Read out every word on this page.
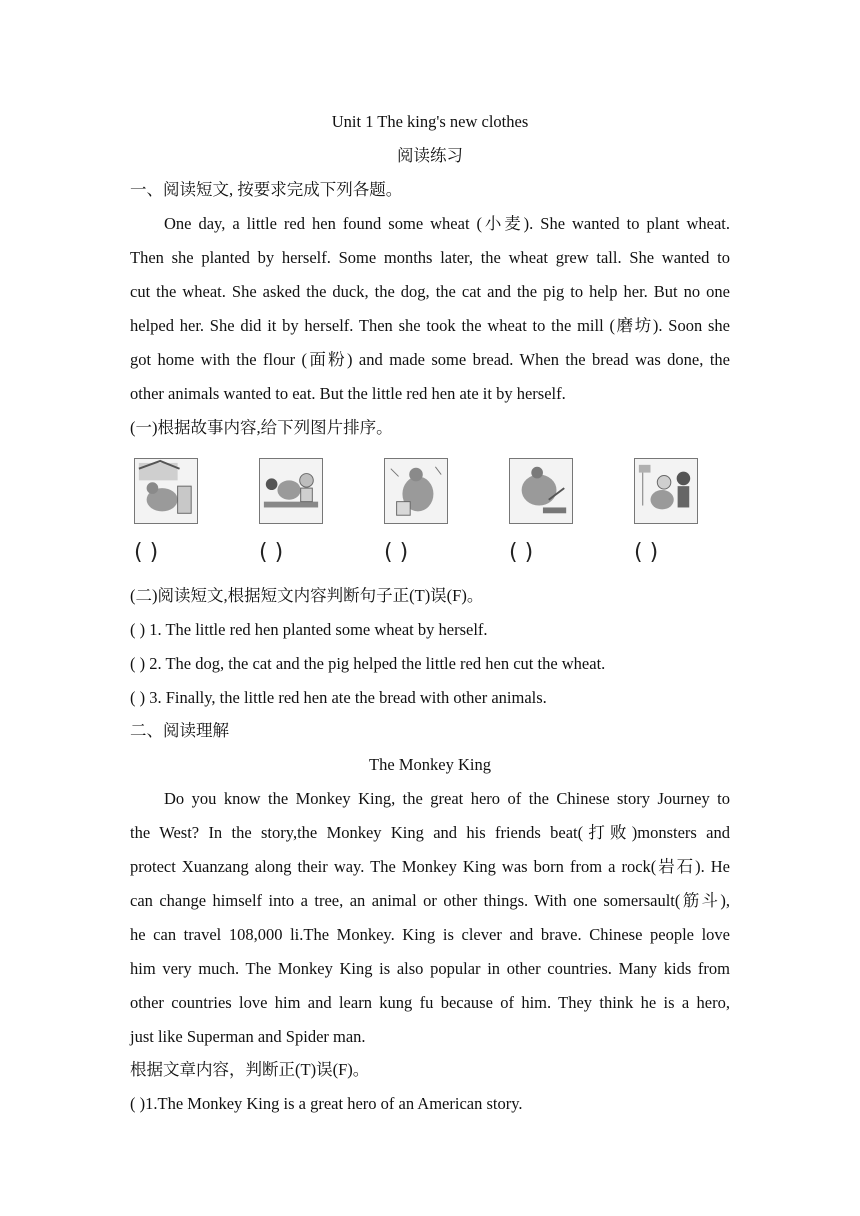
Unit 1 The king's new clothes
阅读练习
一、阅读短文, 按要求完成下列各题。
One day, a little red hen found some wheat (小麦). She wanted to plant wheat.
Then she planted by herself. Some months later, the wheat grew tall. She wanted to
cut the wheat. She asked the duck, the dog, the cat and the pig to help her. But no one
helped her. She did it by herself. Then she took the wheat to the mill (磨坊). Soon she
got home with the flour (面粉) and made some bread. When the bread was done, the
other animals wanted to eat. But the little red hen ate it by herself.
(一)根据故事内容,给下列图片排序。
( )	( )	( )	( )	( )
(二)阅读短文,根据短文内容判断句子正(T)误(F)。
( ) 1. The little red hen planted some wheat by herself.
( ) 2. The dog, the cat and the pig helped the little red hen cut the wheat.
( ) 3. Finally, the little red hen ate the bread with other animals.
二、阅读理解
The Monkey King
Do you know the Monkey King, the great hero of the Chinese story Journey to
the West? In the story,the Monkey King and his friends beat(打败)monsters and
protect Xuanzang along their way. The Monkey King was born from a rock(岩石). He
can change himself into a tree, an animal or other things. With one somersault(筋斗),
he can travel 108,000 li.The Monkey. King is clever and brave. Chinese people love
him very much. The Monkey King is also popular in other countries. Many kids from
other countries love him and learn kung fu because of him. They think he is a hero,
just like Superman and Spider man.
根据文章内容，判断正(T)误(F)。
( )1.The Monkey King is a great hero of an American story.
